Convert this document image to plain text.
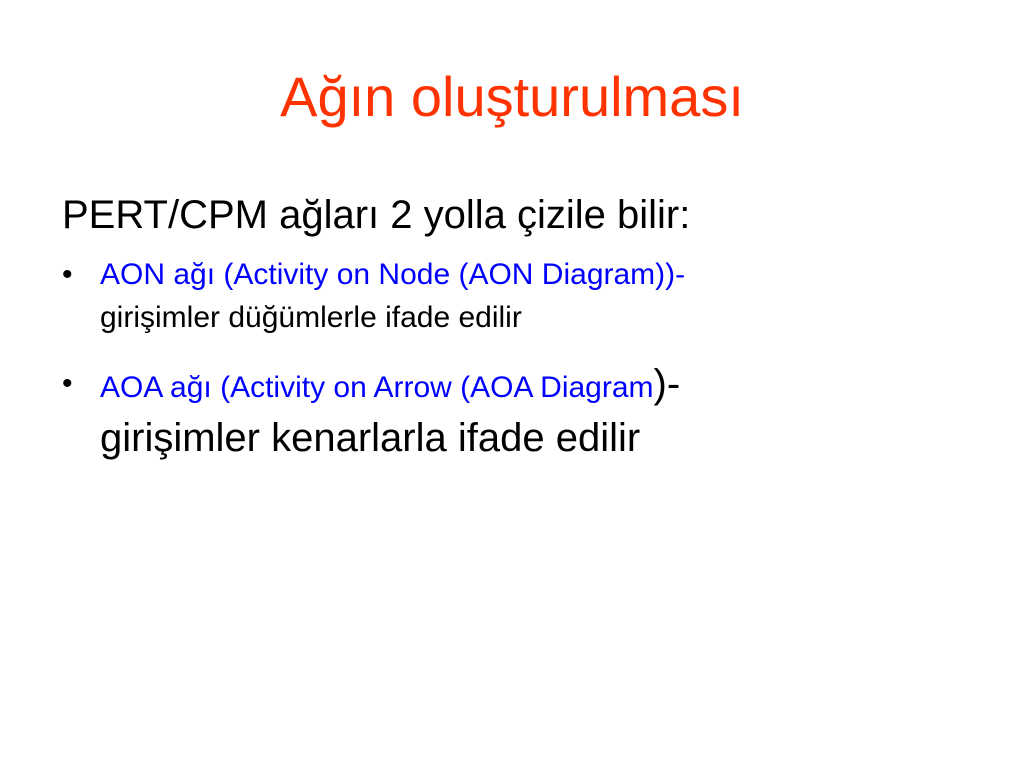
Ağın oluşturulması
PERT/CPM ağları 2 yolla çizile bilir:
• AON ağı (Activity on Node (AON Diagram))-
girişimler düğümlerle ifade edilir
• AOA ağı (Activity on Arrow (AOA Diagram)-
girişimler kenarlarla ifade edilir
